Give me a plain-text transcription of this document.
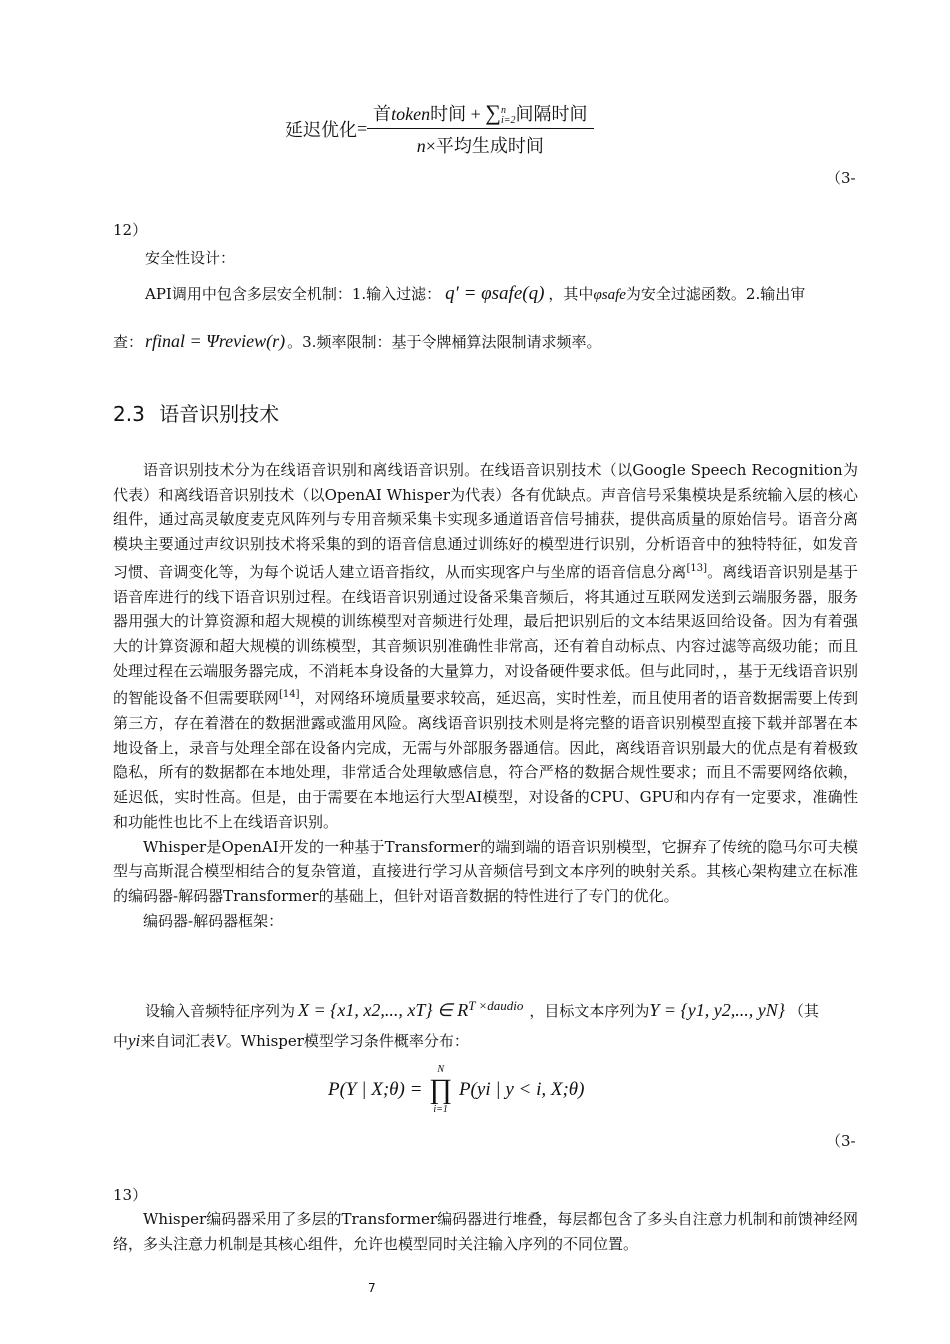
延迟优化=
首token时间 + ∑n
i=2间隔时间
n×平均生成时间
（3-
12）
安全性设计：
API调用中包含多层安全机制：1.输入过滤： q′ = φsafe(q) ，其中φsafe为安全过滤函数。2.输出审
查： rfinal = Ψreview(r) 。3.频率限制：基于令牌桶算法限制请求频率。
2.3 语音识别技术

语音识别技术分为在线语音识别和离线语音识别。在线语音识别技术（以Google Speech Recognition为代表）和离线语音识别技术（以OpenAI Whisper为代表）各有优缺点。声音信号采集模块是系统输入层的核心组件，通过高灵敏度麦克风阵列与专用音频采集卡实现多通道语音信号捕获，提供高质量的原始信号。语音分离模块主要通过声纹识别技术将采集的到的语音信息通过训练好的模型进行识别，分析语音中的独特特征，如发音习惯、音调变化等，为每个说话人建立语音指纹，从而实现客户与坐席的语音信息分离[13]。离线语音识别是基于语音库进行的线下语音识别过程。在线语音识别通过设备采集音频后，将其通过互联网发送到云端服务器，服务器用强大的计算资源和超大规模的训练模型对音频进行处理，最后把识别后的文本结果返回给设备。因为有着强大的计算资源和超大规模的训练模型，其音频识别准确性非常高，还有着自动标点、内容过滤等高级功能；而且处理过程在云端服务器完成，不消耗本身设备的大量算力，对设备硬件要求低。但与此同时，，基于无线语音识别的智能设备不但需要联网[14]，对网络环境质量要求较高，延迟高，实时性差，而且使用者的语音数据需要上传到第三方，存在着潜在的数据泄露或滥用风险。离线语音识别技术则是将完整的语音识别模型直接下载并部署在本地设备上，录音与处理全部在设备内完成，无需与外部服务器通信。因此，离线语音识别最大的优点是有着极致隐私，所有的数据都在本地处理，非常适合处理敏感信息，符合严格的数据合规性要求；而且不需要网络依赖，延迟低，实时性高。但是，由于需要在本地运行大型AI模型，对设备的CPU、GPU和内存有一定要求，准确性和功能性也比不上在线语音识别。

Whisper是OpenAI开发的一种基于Transformer的端到端的语音识别模型，它摒弃了传统的隐马尔可夫模型与高斯混合模型相结合的复杂管道，直接进行学习从音频信号到文本序列的映射关系。其核心架构建立在标准的编码器-解码器Transformer的基础上，但针对语音数据的特性进行了专门的优化。

编码器-解码器框架：

设输入音频特征序列为 X = {x1, x2,..., xT} ∈ $R^{T \times daudio}$ ，目标文本序列为Y = {y1, y2,..., yN} （其
中yi来自词汇表V。Whisper模型学习条件概率分布：
P(Y | X;θ) =
N
∏
i=1
P(yi | y < i, X;θ)
（3-
13）

Whisper编码器采用了多层的Transformer编码器进行堆叠，每层都包含了多头自注意力机制和前馈神经网络，多头注意力机制是其核心组件，允许也模型同时关注输入序列的不同位置。

7
